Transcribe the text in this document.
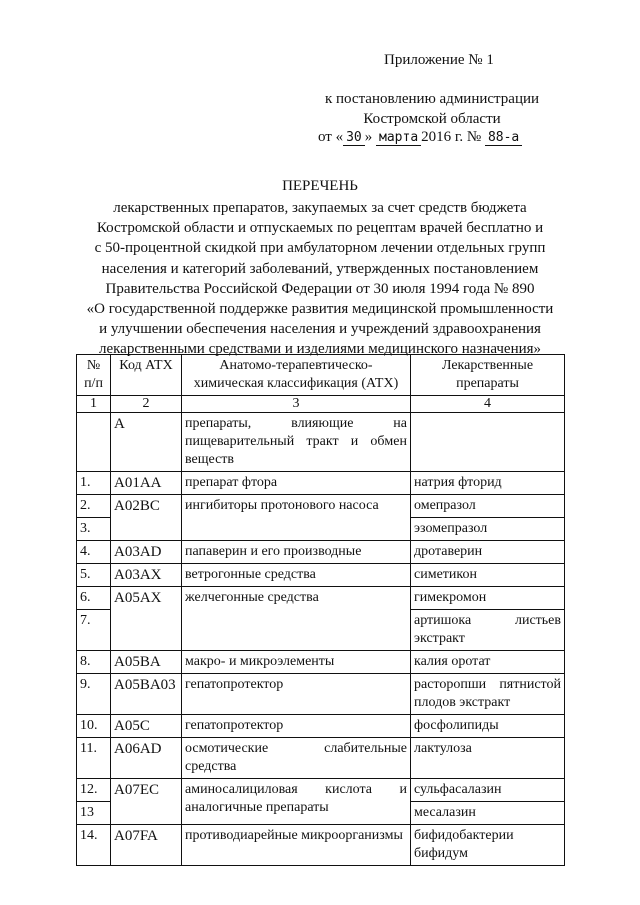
Приложение № 1
к постановлению администрации
Костромской области
от « 30 » марта 2016 г. № 88-а
ПЕРЕЧЕНЬ
лекарственных препаратов, закупаемых за счет средств бюджета
Костромской области и отпускаемых по рецептам врачей бесплатно и
с 50-процентной скидкой при амбулаторном лечении отдельных групп
населения и категорий заболеваний, утвержденных постановлением
Правительства Российской Федерации от 30 июля 1994 года № 890
«О государственной поддержке развития медицинской промышленности
и улучшении обеспечения населения и учреждений здравоохранения
лекарственными средствами и изделиями медицинского назначения»
№ п/п	Код АТХ	Анатомо-терапевтическо-химическая классификация (АТХ)	Лекарственные препараты
1	2	3	4
	А	препараты, влияющие на пищеварительный тракт и обмен веществ	
1.	A01AA	препарат фтора	натрия фторид
2.	A02BC	ингибиторы протонового насоса	омепразол
3.			эзомепразол
4.	A03AD	папаверин и его производные	дротаверин
5.	A03AX	ветрогонные средства	симетикон
6.	A05AX	желчегонные средства	гимекромон
7.			артишока листьев экстракт
8.	A05BA	макро- и микроэлементы	калия оротат
9.	A05BA03	гепатопротектор	расторопши пятнистой плодов экстракт
10.	A05C	гепатопротектор	фосфолипиды
11.	A06AD	осмотические слабительные средства	лактулоза
12.	A07EC	аминосалициловая кислота и аналогичные препараты	сульфасалазин
13			месалазин
14.	A07FA	противодиарейные микроорганизмы	бифидобактерии бифидум
